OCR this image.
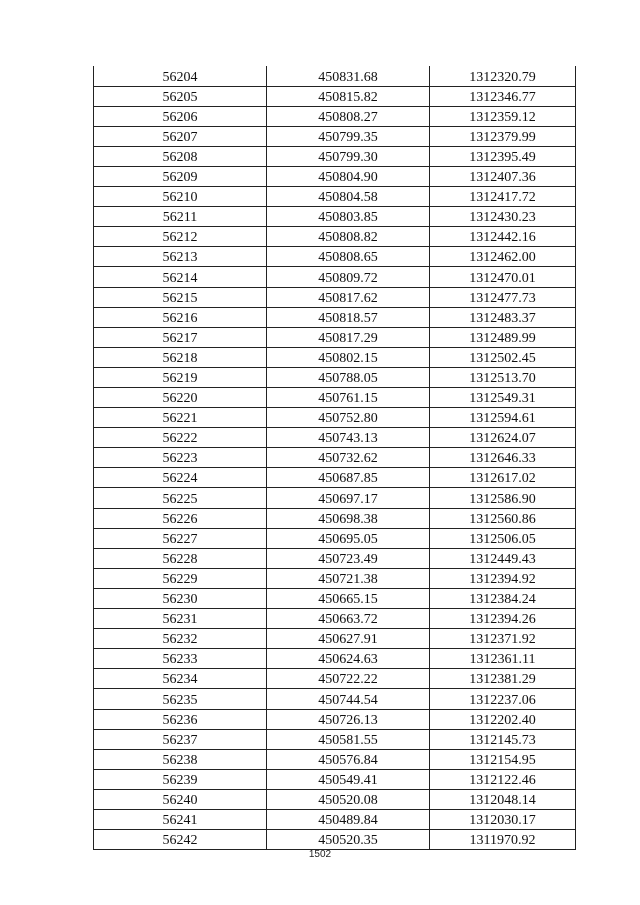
56204	450831.68	1312320.79
56205	450815.82	1312346.77
56206	450808.27	1312359.12
56207	450799.35	1312379.99
56208	450799.30	1312395.49
56209	450804.90	1312407.36
56210	450804.58	1312417.72
56211	450803.85	1312430.23
56212	450808.82	1312442.16
56213	450808.65	1312462.00
56214	450809.72	1312470.01
56215	450817.62	1312477.73
56216	450818.57	1312483.37
56217	450817.29	1312489.99
56218	450802.15	1312502.45
56219	450788.05	1312513.70
56220	450761.15	1312549.31
56221	450752.80	1312594.61
56222	450743.13	1312624.07
56223	450732.62	1312646.33
56224	450687.85	1312617.02
56225	450697.17	1312586.90
56226	450698.38	1312560.86
56227	450695.05	1312506.05
56228	450723.49	1312449.43
56229	450721.38	1312394.92
56230	450665.15	1312384.24
56231	450663.72	1312394.26
56232	450627.91	1312371.92
56233	450624.63	1312361.11
56234	450722.22	1312381.29
56235	450744.54	1312237.06
56236	450726.13	1312202.40
56237	450581.55	1312145.73
56238	450576.84	1312154.95
56239	450549.41	1312122.46
56240	450520.08	1312048.14
56241	450489.84	1312030.17
56242	450520.35	1311970.92
1502
